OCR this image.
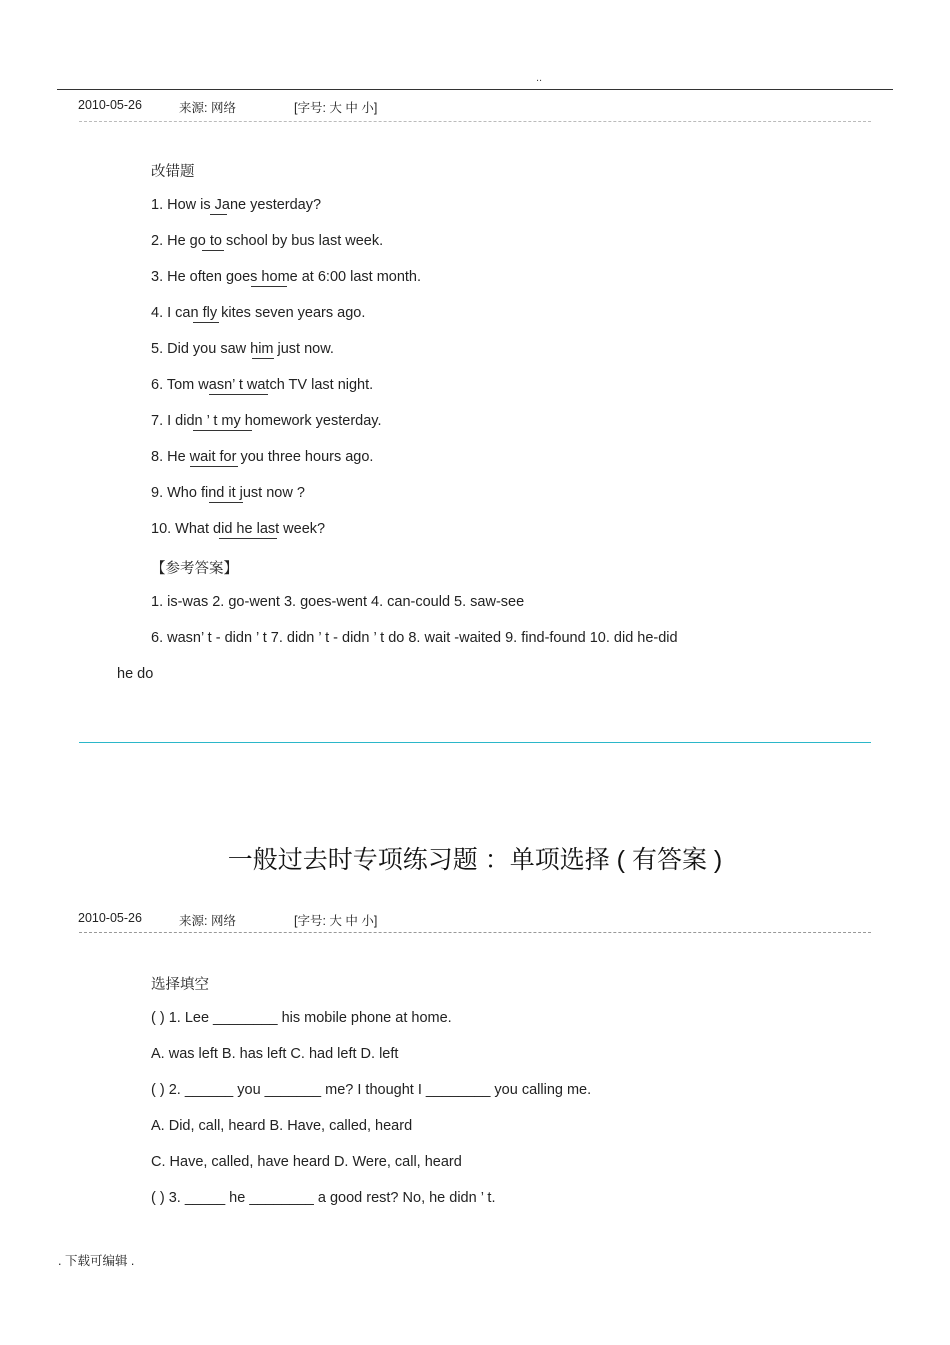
..
2010-05-26	来源: 网络	[字号: 大 中 小]
改错题
1. How is Jane yesterday?
2. He go to school by bus last week.
3. He often goes home at 6:00 last month.
4. I can fly kites seven years ago.
5. Did you saw him just now.
6. Tom wasn’ t watch TV last night.
7. I didn ’ t my homework yesterday.
8. He wait for you three hours ago.
9. Who find it just now ?
10. What did he last week?
【参考答案】
1. is-was 2. go-went 3. goes-went 4. can-could 5. saw-see
6. wasn’ t - didn ’ t 7. didn ’ t - didn ’ t do 8. wait -waited 9. find-found 10. did he-did
he do
一般过去时专项练习题 ：单项选择 ( 有答案 )
2010-05-26	来源: 网络	[字号: 大 中 小]
选择填空
( ) 1. Lee ________ his mobile phone at home.
A. was left B. has left C. had left D. left
( ) 2. ______ you _______ me? I thought I ________ you calling me.
A. Did, call, heard B. Have, called, heard
C. Have, called, have heard D. Were, call, heard
( ) 3. _____ he ________ a good rest? No, he didn ’ t.
. 下载可编辑 .
